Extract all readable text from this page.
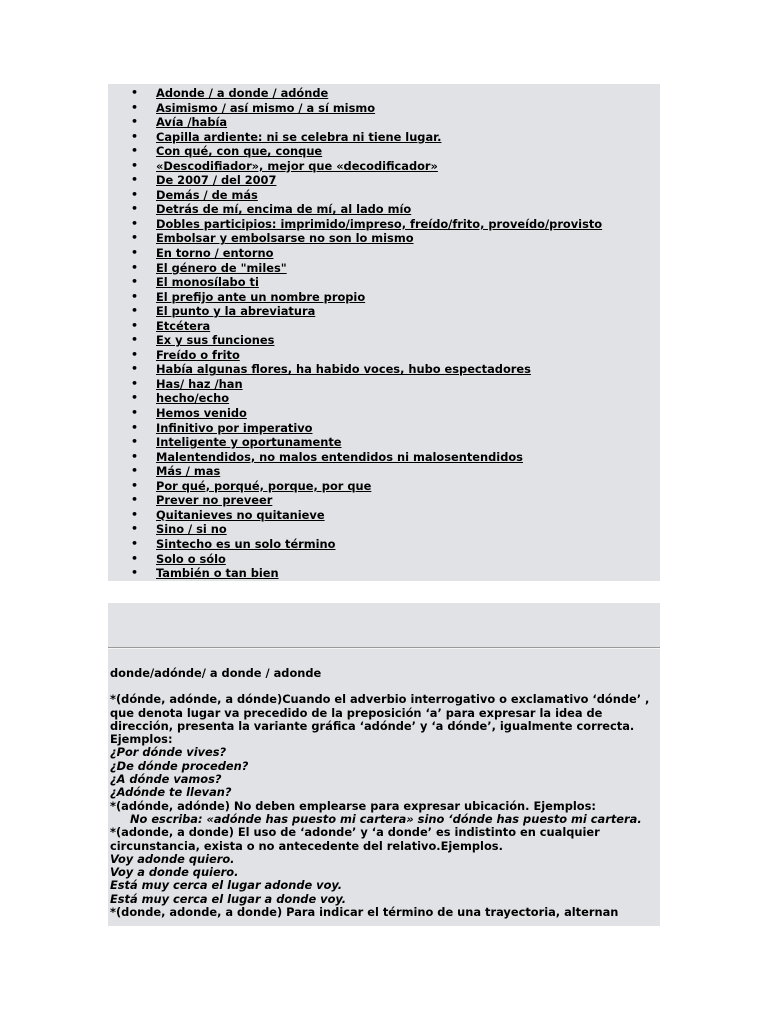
• Adonde / a donde / adónde
• Asimismo / así mismo / a sí mismo
• Avía /había
• Capilla ardiente: ni se celebra ni tiene lugar.
• Con qué, con que, conque
• «Descodifiador», mejor que «decodificador»
• De 2007 / del 2007
• Demás / de más
• Detrás de mí, encima de mí, al lado mío
• Dobles participios: imprimido/impreso, freído/frito, proveído/provisto
• Embolsar y embolsarse no son lo mismo
• En torno / entorno
• El género de "miles"
• El monosílabo ti
• El prefijo ante un nombre propio
• El punto y la abreviatura
• Etcétera
• Ex y sus funciones
• Freído o frito
• Había algunas flores, ha habido voces, hubo espectadores
• Has/ haz /han
• hecho/echo
• Hemos venido
• Infinitivo por imperativo
• Inteligente y oportunamente
• Malentendidos, no malos entendidos ni malosentendidos
• Más / mas
• Por qué, porqué, porque, por que
• Prever no preveer
• Quitanieves no quitanieve
• Sino / si no
• Sintecho es un solo término
• Solo o sólo
• También o tan bien

donde/adónde/ a donde / adonde

*(dónde, adónde, a dónde)Cuando el adverbio interrogativo o exclamativo ‘dónde’ , que denota lugar va precedido de la preposición ‘a’ para expresar la idea de dirección, presenta la variante gráfica ‘adónde’ y ‘a dónde’, igualmente correcta. Ejemplos:

¿Por dónde vives?

¿De dónde proceden?

¿A dónde vamos?

¿Adónde te llevan?

*(adónde, adónde) No deben emplearse para expresar ubicación. Ejemplos:

No escriba: «adónde has puesto mi cartera» sino ‘dónde has puesto mi cartera.

*(adonde, a donde) El uso de ‘adonde’ y ‘a donde’ es indistinto en cualquier circunstancia, exista o no antecedente del relativo.Ejemplos.

Voy adonde quiero.

Voy a donde quiero.

Está muy cerca el lugar adonde voy.

Está muy cerca el lugar a donde voy.

*(donde, adonde, a donde) Para indicar el término de una trayectoria, alternan
